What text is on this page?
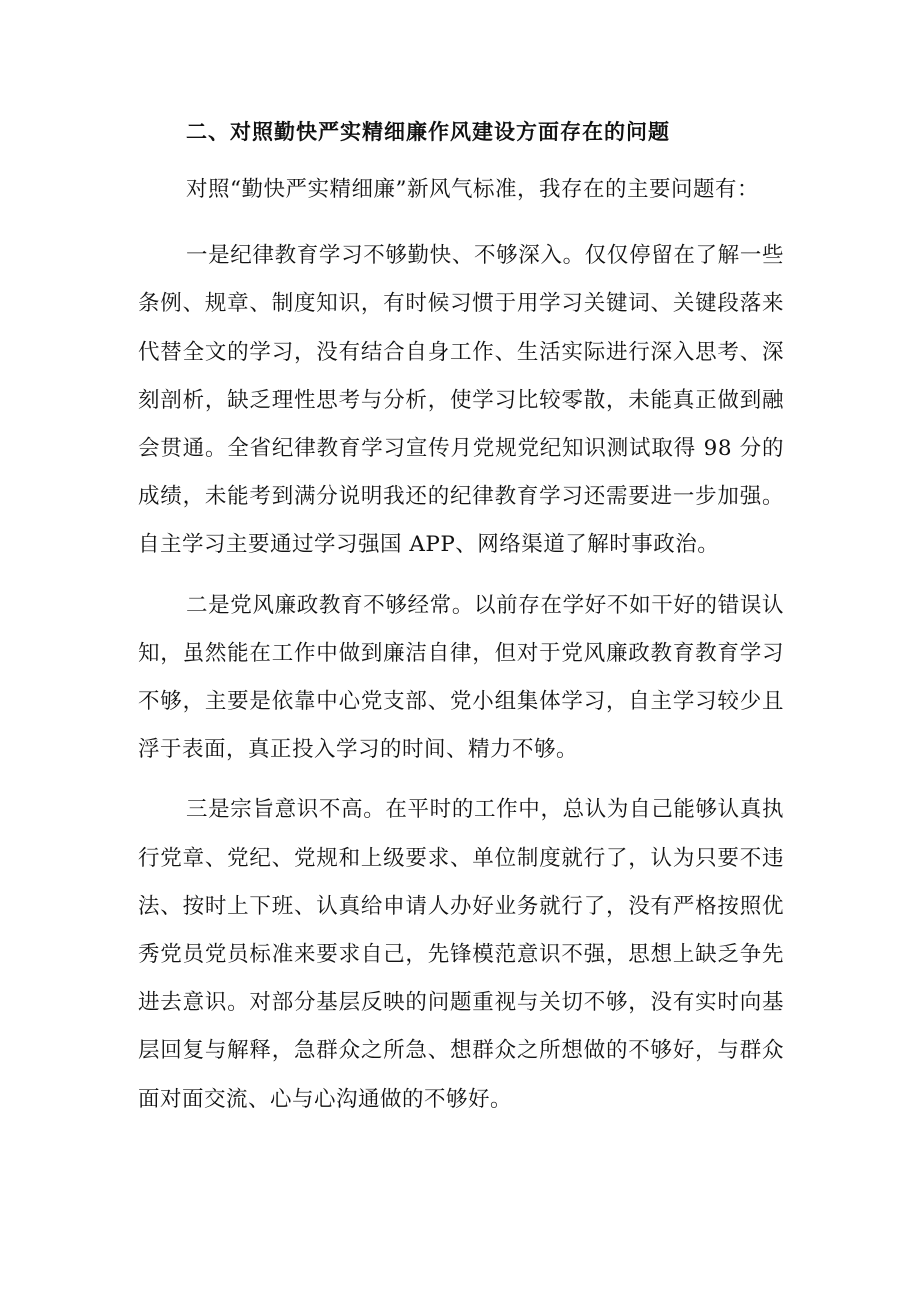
二、对照勤快严实精细廉作风建设方面存在的问题

对照“勤快严实精细廉”新风气标准，我存在的主要问题有：

一是纪律教育学习不够勤快、不够深入。仅仅停留在了解一些条例、规章、制度知识，有时候习惯于用学习关键词、关键段落来代替全文的学习，没有结合自身工作、生活实际进行深入思考、深刻剖析，缺乏理性思考与分析，使学习比较零散，未能真正做到融会贯通。全省纪律教育学习宣传月党规党纪知识测试取得 98 分的成绩，未能考到满分说明我还的纪律教育学习还需要进一步加强。自主学习主要通过学习强国 APP、网络渠道了解时事政治。

二是党风廉政教育不够经常。以前存在学好不如干好的错误认知，虽然能在工作中做到廉洁自律，但对于党风廉政教育教育学习不够，主要是依靠中心党支部、党小组集体学习，自主学习较少且浮于表面，真正投入学习的时间、精力不够。

三是宗旨意识不高。在平时的工作中，总认为自己能够认真执行党章、党纪、党规和上级要求、单位制度就行了，认为只要不违法、按时上下班、认真给申请人办好业务就行了，没有严格按照优秀党员党员标准来要求自己，先锋模范意识不强，思想上缺乏争先进去意识。对部分基层反映的问题重视与关切不够，没有实时向基层回复与解释，急群众之所急、想群众之所想做的不够好，与群众面对面交流、心与心沟通做的不够好。
